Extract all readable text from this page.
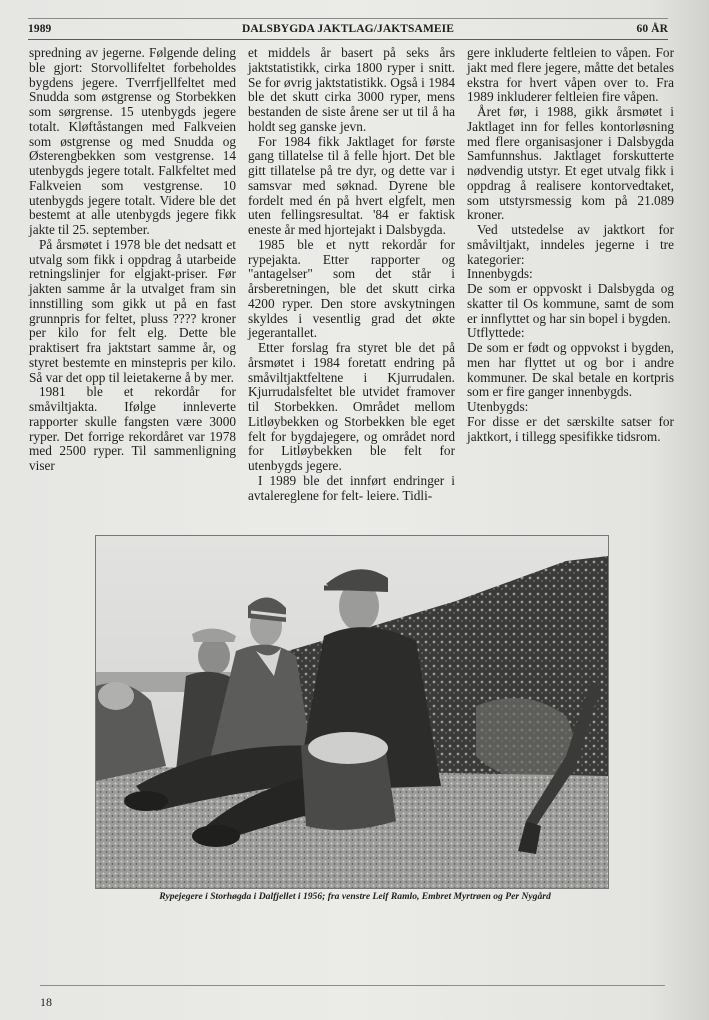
1989	DALSBYGDA JAKTLAG/JAKTSAMEIE	60 ÅR

spredning av jegerne. Følgende deling ble gjort: Storvollifeltet forbeholdes bygdens jegere. Tverrfjellfeltet med Snudda som østgrense og Storbekken som sørgrense. 15 utenbygds jegere totalt. Kløftåstangen med Falkveien som østgrense og med Snudda og Østerengbekken som vestgrense. 14 utenbygds jegere totalt. Falkfeltet med Falkveien som vestgrense. 10 utenbygds jegere totalt. Videre ble det bestemt at alle utenbygds jegere fikk jakte til 25. september.

På årsmøtet i 1978 ble det nedsatt et utvalg som fikk i oppdrag å utarbeide retningslinjer for elgjakt-priser. Før jakten samme år la utvalget fram sin innstilling som gikk ut på en fast grunnpris for feltet, pluss ???? kroner per kilo for felt elg. Dette ble praktisert fra jaktstart samme år, og styret bestemte en minstepris per kilo. Så var det opp til leietakerne å by mer.

1981 ble et rekordår for småviltjakta. Ifølge innleverte rapporter skulle fangsten være 3000 ryper. Det forrige rekordåret var 1978 med 2500 ryper. Til sammenligning viser

et middels år basert på seks års jaktstatistikk, cirka 1800 ryper i snitt. Se for øvrig jaktstatistikk. Også i 1984 ble det skutt cirka 3000 ryper, mens bestanden de siste årene ser ut til å ha holdt seg ganske jevn.

For 1984 fikk Jaktlaget for første gang tillatelse til å felle hjort. Det ble gitt tillatelse på tre dyr, og dette var i samsvar med søknad. Dyrene ble fordelt med én på hvert elgfelt, men uten fellingsresultat. '84 er faktisk eneste år med hjortejakt i Dalsbygda.

1985 ble et nytt rekordår for rypejakta. Etter rapporter og "antagelser" som det står i årsberetningen, ble det skutt cirka 4200 ryper. Den store avskytningen skyldes i vesentlig grad det økte jegerantallet.

Etter forslag fra styret ble det på årsmøtet i 1984 foretatt endring på småviltjaktfeltene i Kjurrudalen. Kjurrudalsfeltet ble utvidet framover til Storbekken. Området mellom Litløybekken og Storbekken ble eget felt for bygdajegere, og området nord for Litløybekken ble felt for utenbygds jegere.

I 1989 ble det innført endringer i avtalereglene for felt- leiere. Tidli-

gere inkluderte feltleien to våpen. For jakt med flere jegere, måtte det betales ekstra for hvert våpen over to. Fra 1989 inkluderer feltleien fire våpen.

Året før, i 1988, gikk årsmøtet i Jaktlaget inn for felles kontorløsning med flere organisasjoner i Dalsbygda Samfunnshus. Jaktlaget forskutterte nødvendig utstyr. Et eget utvalg fikk i oppdrag å realisere kontorvedtaket, som utstyrsmessig kom på 21.089 kroner.

Ved utstedelse av jaktkort for småviltjakt, inndeles jegerne i tre kategorier:

Innenbygds:

De som er oppvoskt i Dalsbygda og skatter til Os kommune, samt de som er innflyttet og har sin bopel i bygden.

Utflyttede:

De som er født og oppvokst i bygden, men har flyttet ut og bor i andre kommuner. De skal betale en kortpris som er fire ganger innenbygds.

Utenbygds:

For disse er det særskilte satser for jaktkort, i tillegg spesifikke tidsrom.

Rypejegere i Storhøgda i Dalfjellet i 1956; fra venstre Leif Ramlo, Embret Myrtrøen og Per Nygård
18
